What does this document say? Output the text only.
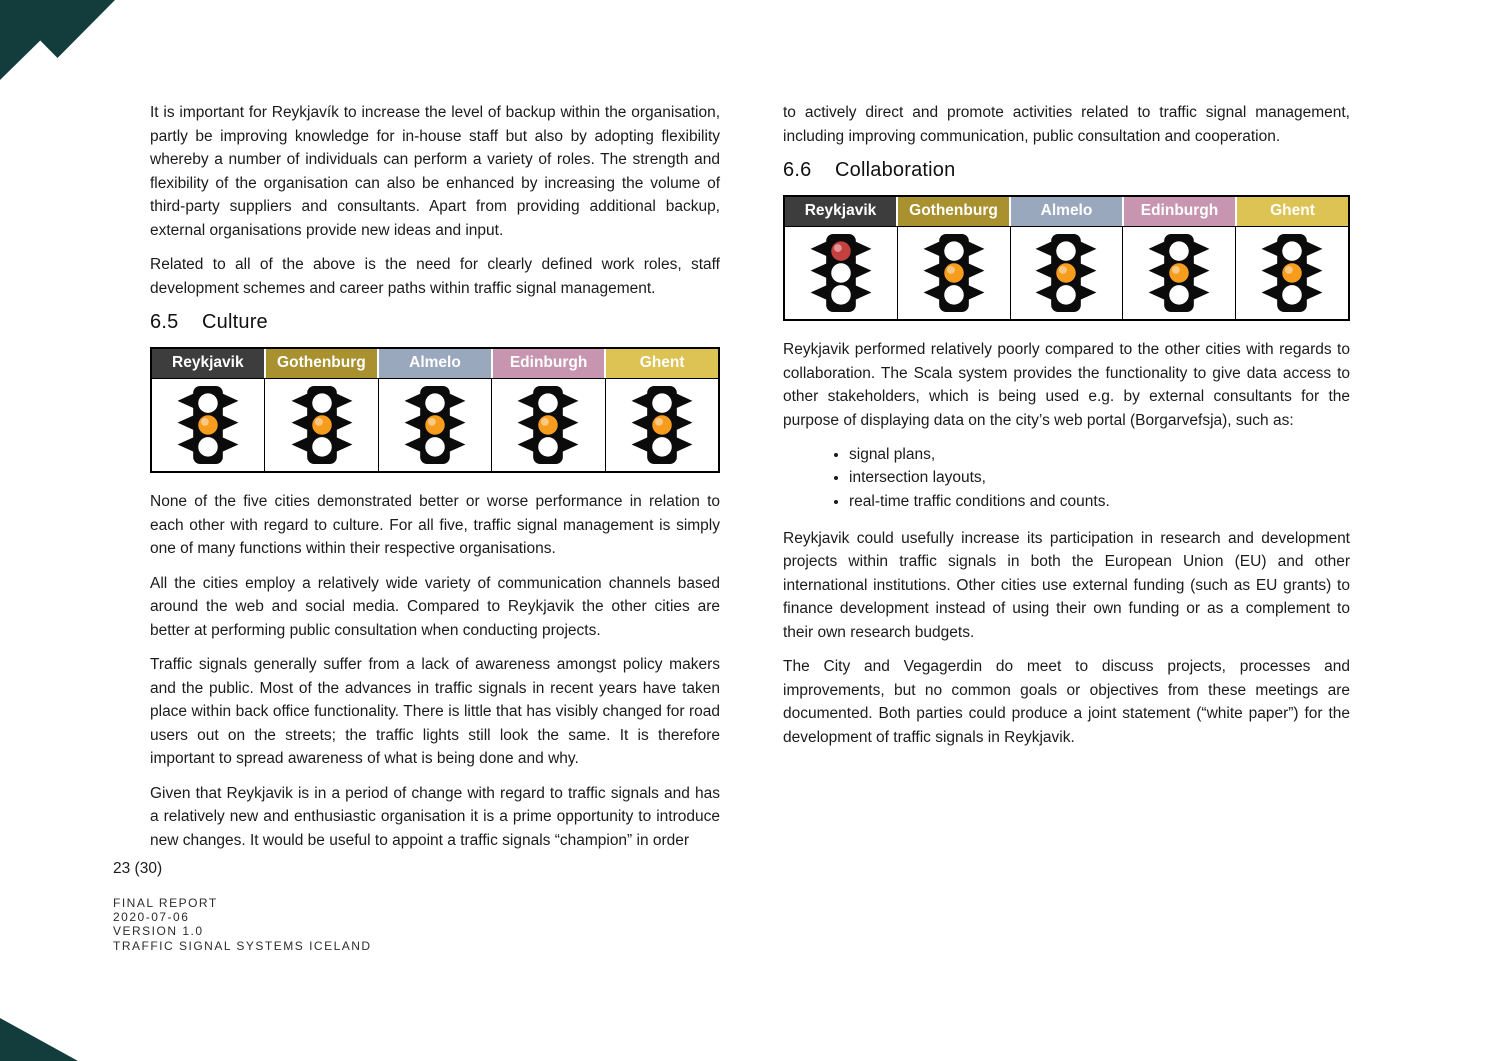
It is important for Reykjavík to increase the level of backup within the organisation, partly be improving knowledge for in-house staff but also by adopting flexibility whereby a number of individuals can perform a variety of roles. The strength and flexibility of the organisation can also be enhanced by increasing the volume of third-party suppliers and consultants. Apart from providing additional backup, external organisations provide new ideas and input.

Related to all of the above is the need for clearly defined work roles, staff development schemes and career paths within traffic signal management.

6.5 Culture
Reykjavik	Gothenburg	Almelo	Edinburgh	Ghent

None of the five cities demonstrated better or worse performance in relation to each other with regard to culture. For all five, traffic signal management is simply one of many functions within their respective organisations.

All the cities employ a relatively wide variety of communication channels based around the web and social media. Compared to Reykjavik the other cities are better at performing public consultation when conducting projects.

Traffic signals generally suffer from a lack of awareness amongst policy makers and the public. Most of the advances in traffic signals in recent years have taken place within back office functionality. There is little that has visibly changed for road users out on the streets; the traffic lights still look the same. It is therefore important to spread awareness of what is being done and why.

Given that Reykjavik is in a period of change with regard to traffic signals and has a relatively new and enthusiastic organisation it is a prime opportunity to introduce new changes. It would be useful to appoint a traffic signals “champion” in order

to actively direct and promote activities related to traffic signal management, including improving communication, public consultation and cooperation.

6.6 Collaboration
Reykjavik	Gothenburg	Almelo	Edinburgh	Ghent

Reykjavik performed relatively poorly compared to the other cities with regards to collaboration. The Scala system provides the functionality to give data access to other stakeholders, which is being used e.g. by external consultants for the purpose of displaying data on the city’s web portal (Borgarvefsja), such as:

• signal plans,
• intersection layouts,
• real-time traffic conditions and counts.

Reykjavik could usefully increase its participation in research and development projects within traffic signals in both the European Union (EU) and other international institutions. Other cities use external funding (such as EU grants) to finance development instead of using their own funding or as a complement to their own research budgets.

The City and Vegagerdin do meet to discuss projects, processes and improvements, but no common goals or objectives from these meetings are documented. Both parties could produce a joint statement (“white paper”) for the development of traffic signals in Reykjavik.

23 (30)
FINAL REPORT
2020-07-06
VERSION 1.0
TRAFFIC SIGNAL SYSTEMS ICELAND
